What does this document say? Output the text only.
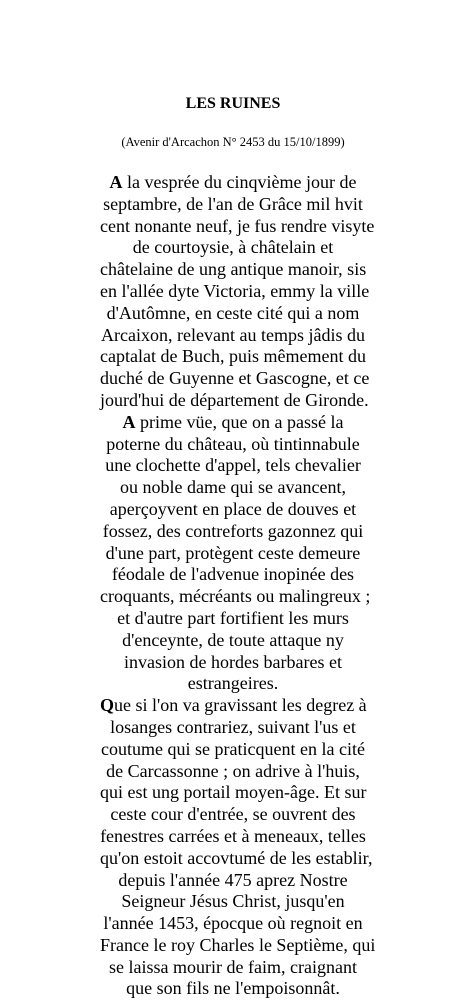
LES RUINES

(Avenir d'Arcachon N° 2453 du 15/10/1899)

A la vesprée du cinqvième jour de
septambre, de l'an de Grâce mil hvit
cent nonante neuf, je fus rendre visyte
de courtoysie, à châtelain et
châtelaine de ung antique manoir, sis
en l'allée dyte Victoria, emmy la ville
d'Autômne, en ceste cité qui a nom
Arcaixon, relevant au temps jâdis du
captalat de Buch, puis mêmement du
duché de Guyenne et Gascogne, et ce
jourd'hui de département de Gironde.
A prime vüe, que on a passé la
poterne du château, où tintinnabule
une clochette d'appel, tels chevalier
ou noble dame qui se avancent,
aperçoyvent en place de douves et
fossez, des contreforts gazonnez qui
d'une part, protègent ceste demeure
féodale de l'advenue inopinée des
croquants, mécréants ou malingreux ;
et d'autre part fortifient les murs
d'enceynte, de toute attaque ny
invasion de hordes barbares et
estrangeires.
Que si l'on va gravissant les degrez à
losanges contrariez, suivant l'us et
coutume qui se praticquent en la cité
de Carcassonne ; on adrive à l'huis,
qui est ung portail moyen-âge. Et sur
ceste cour d'entrée, se ouvrent des
fenestres carrées et à meneaux, telles
qu'on estoit accovtumé de les establir,
depuis l'année 475 aprez Nostre
Seigneur Jésus Christ, jusqu'en
l'année 1453, épocque où regnoit en
France le roy Charles le Septième, qui
se laissa mourir de faim, craignant
que son fils ne l'empoisonnât.
